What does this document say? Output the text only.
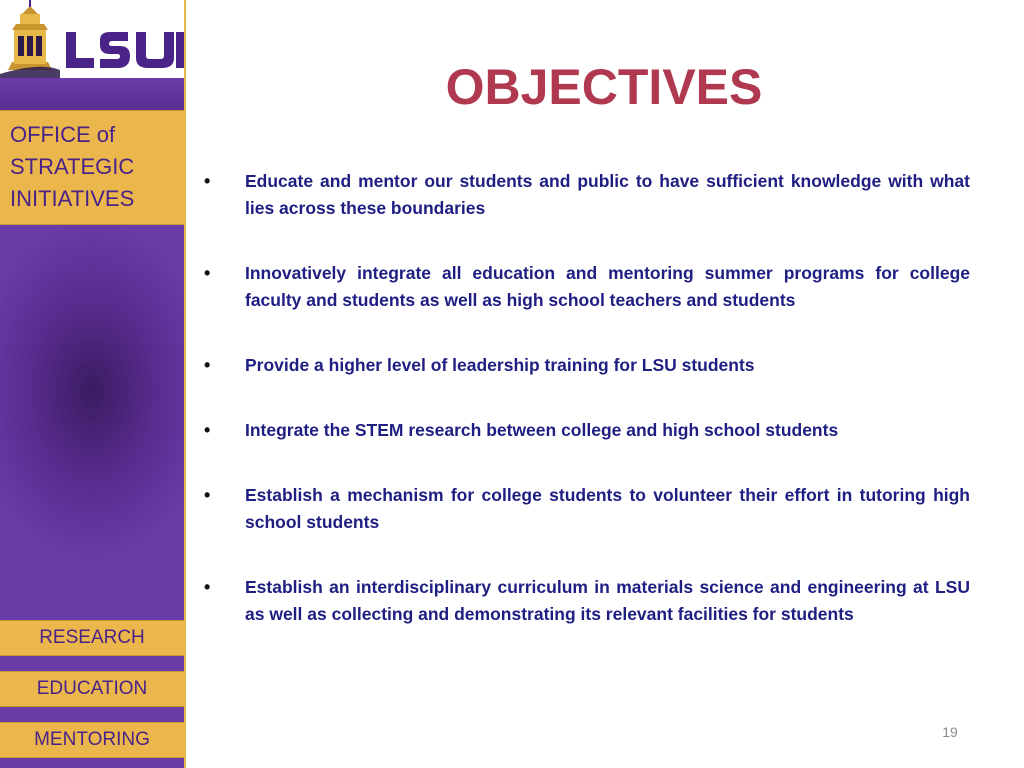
OFFICE of
STRATEGIC
INITIATIVES
RESEARCH
EDUCATION
MENTORING
OBJECTIVES
• Educate and mentor our students and public to have sufficient knowledge with what lies across these boundaries
• Innovatively integrate all education and mentoring summer programs for college faculty and students as well as high school teachers and students
• Provide a higher level of leadership training for LSU students
• Integrate the STEM research between college and high school students
• Establish a mechanism for college students to volunteer their effort in tutoring high school students
• Establish an interdisciplinary curriculum in materials science and engineering at LSU as well as collecting and demonstrating its relevant facilities for students
19
